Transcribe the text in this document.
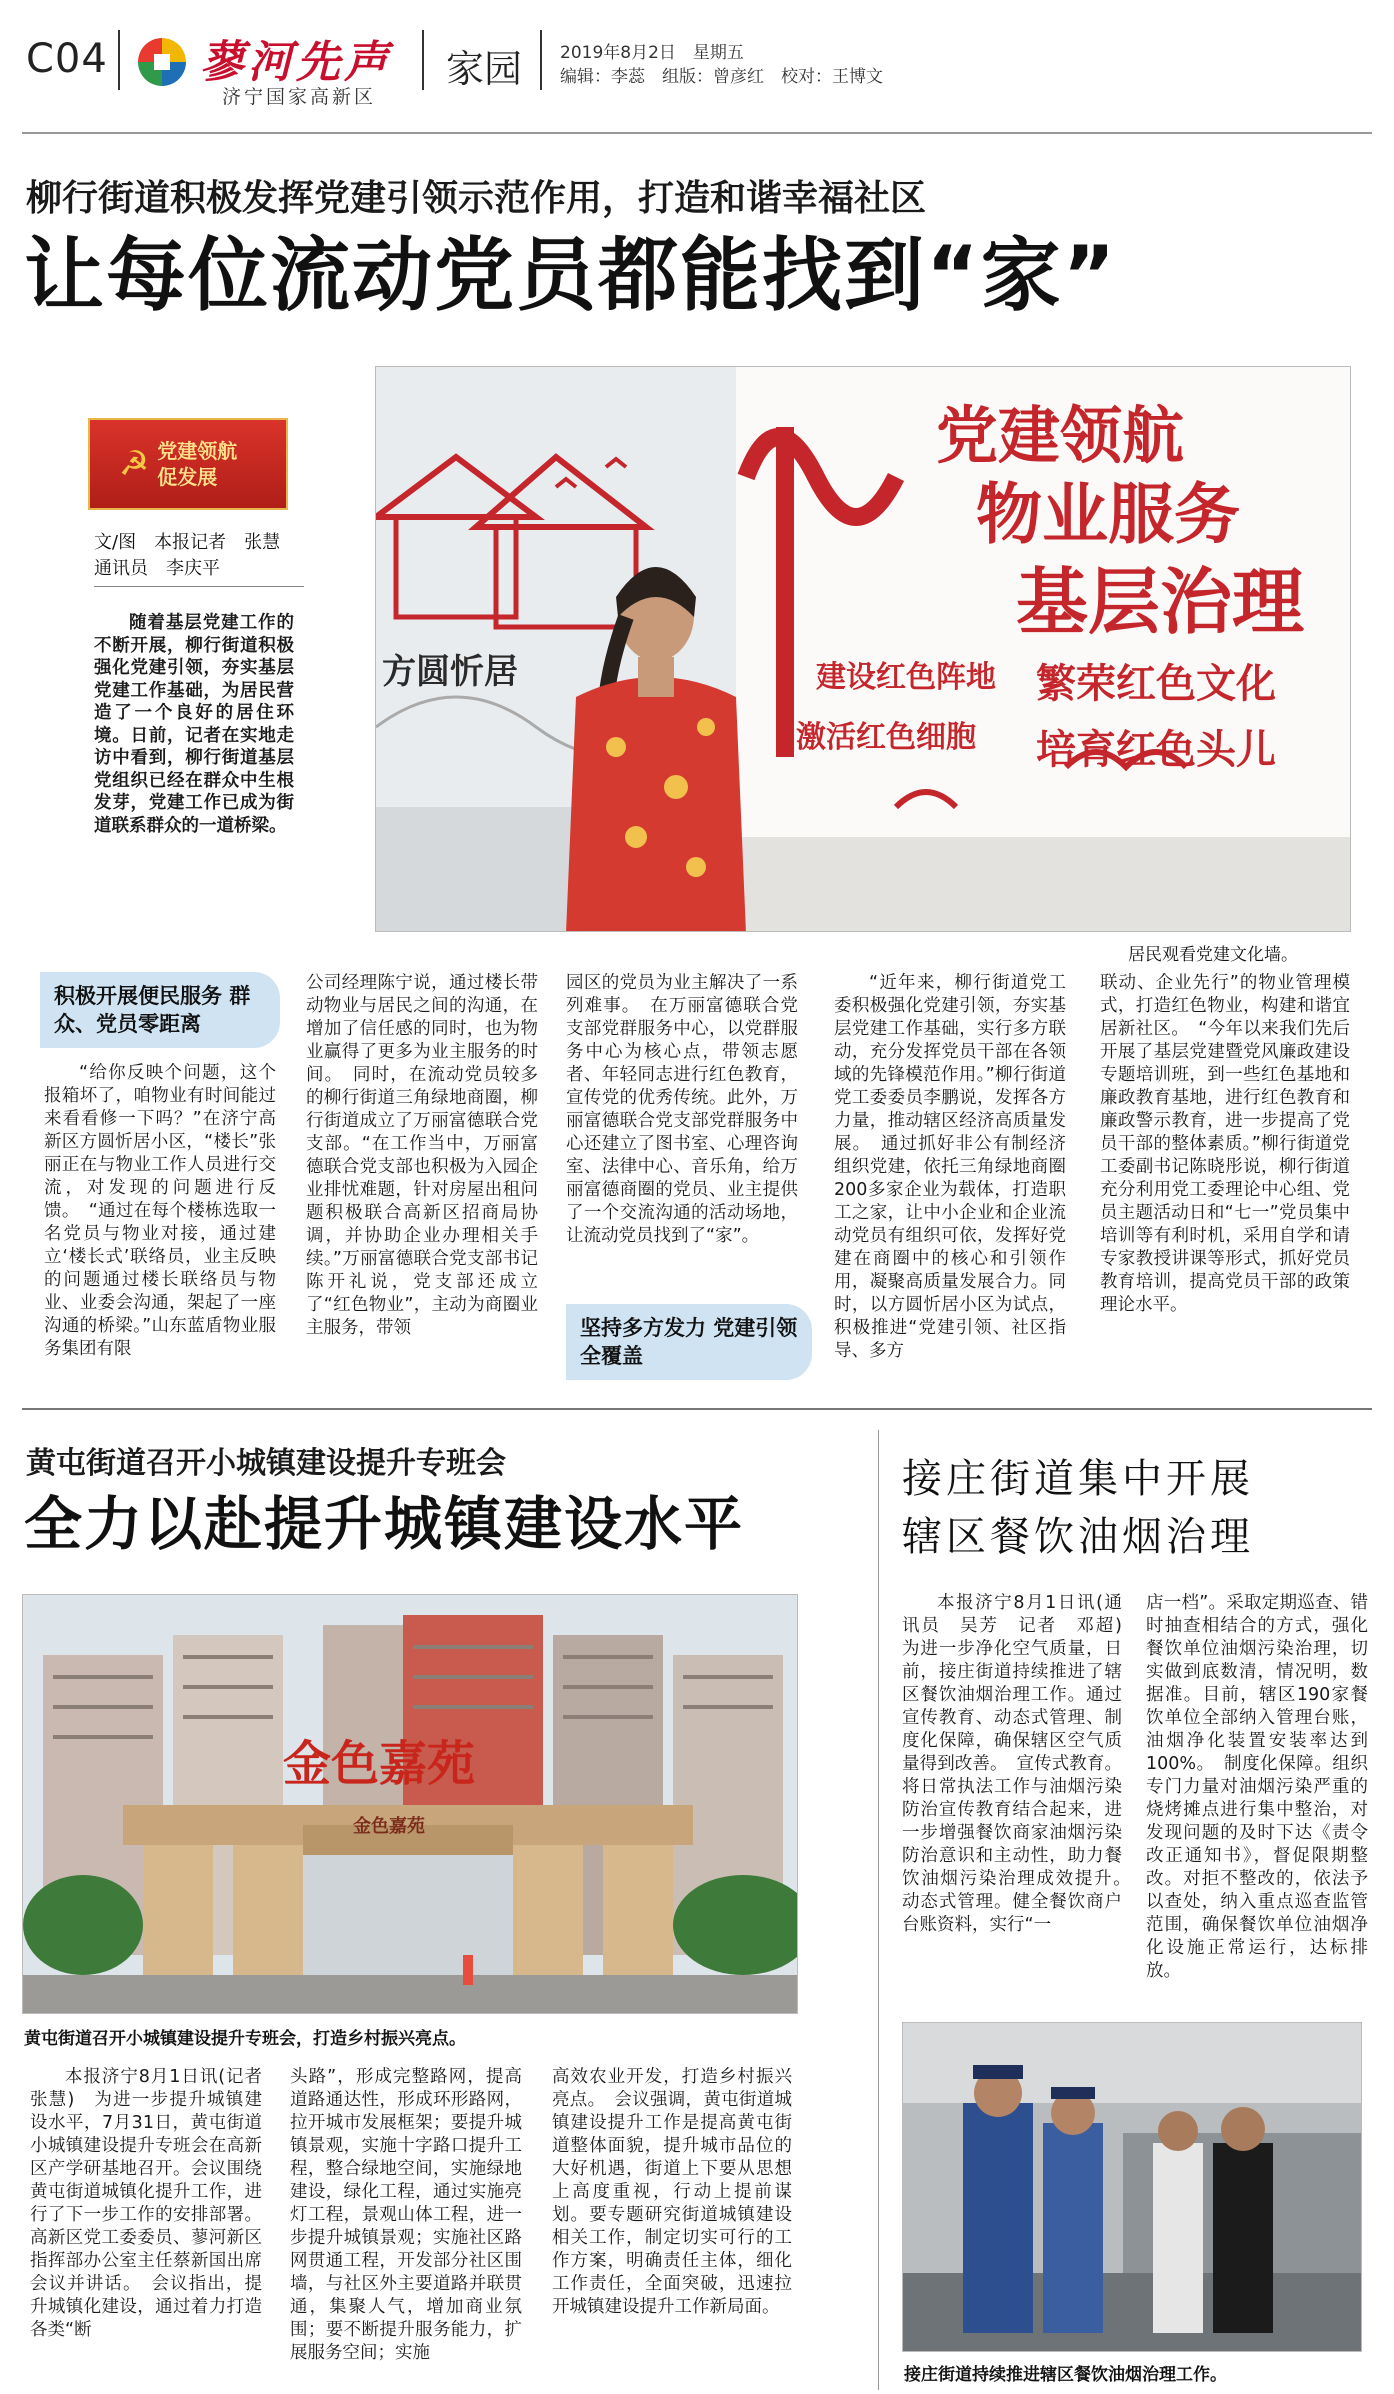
C04 蓼河先声
济宁国家高新区
家园 2019年8月2日　星期五
编辑：李蕊　组版：曾彦红　校对：王博文
柳行街道积极发挥党建引领示范作用，打造和谐幸福社区
让每位流动党员都能找到“家”
☭ 党建领航 促发展
文/图　本报记者　张慧
通讯员　李庆平

随着基层党建工作的不断开展，柳行街道积极强化党建引领，夯实基层党建工作基础，为居民营造了一个良好的居住环境。日前，记者在实地走访中看到，柳行街道基层党组织已经在群众中生根发芽，党建工作已成为街道联系群众的一道桥梁。

方圆忻居
党建领航
物业服务
基层治理
建设红色阵地 繁荣红色文化
激活红色细胞 培育红色头儿
居民观看党建文化墙。
积极开展便民服务 群众、党员零距离

“给你反映个问题，这个报箱坏了，咱物业有时间能过来看看修一下吗？”在济宁高新区方圆忻居小区，“楼长”张丽正在与物业工作人员进行交流，对发现的问题进行反馈。　“通过在每个楼栋选取一名党员与物业对接，通过建立‘楼长式’联络员，业主反映的问题通过楼长联络员与物业、业委会沟通，架起了一座沟通的桥梁。”山东蓝盾物业服务集团有限

公司经理陈宁说，通过楼长带动物业与居民之间的沟通，在增加了信任感的同时，也为物业赢得了更多为业主服务的时间。　同时，在流动党员较多的柳行街道三角绿地商圈，柳行街道成立了万丽富德联合党支部。“在工作当中，万丽富德联合党支部也积极为入园企业排忧难题，针对房屋出租问题积极联合高新区招商局协调，并协助企业办理相关手续。”万丽富德联合党支部书记陈开礼说，党支部还成立了“红色物业”，主动为商圈业主服务，带领

园区的党员为业主解决了一系列难事。　在万丽富德联合党支部党群服务中心，以党群服务中心为核心点，带领志愿者、年轻同志进行红色教育，宣传党的优秀传统。此外，万丽富德联合党支部党群服务中心还建立了图书室、心理咨询室、法律中心、音乐角，给万丽富德商圈的党员、业主提供了一个交流沟通的活动场地，让流动党员找到了“家”。

坚持多方发力 党建引领全覆盖

“近年来，柳行街道党工委积极强化党建引领，夯实基层党建工作基础，实行多方联动，充分发挥党员干部在各领域的先锋模范作用。”柳行街道党工委委员李鹏说，发挥各方力量，推动辖区经济高质量发展。　通过抓好非公有制经济组织党建，依托三角绿地商圈200多家企业为载体，打造职工之家，让中小企业和企业流动党员有组织可依，发挥好党建在商圈中的核心和引领作用，凝聚高质量发展合力。同时，以方圆忻居小区为试点，积极推进“党建引领、社区指导、多方

联动、企业先行”的物业管理模式，打造红色物业，构建和谐宜居新社区。　“今年以来我们先后开展了基层党建暨党风廉政建设专题培训班，到一些红色基地和廉政教育基地，进行红色教育和廉政警示教育，进一步提高了党员干部的整体素质。”柳行街道党工委副书记陈晓彤说，柳行街道充分利用党工委理论中心组、党员主题活动日和“七一”党员集中培训等有利时机，采用自学和请专家教授讲课等形式，抓好党员教育培训，提高党员干部的政策理论水平。

黄屯街道召开小城镇建设提升专班会
全力以赴提升城镇建设水平
金色嘉苑
金色嘉苑
黄屯街道召开小城镇建设提升专班会，打造乡村振兴亮点。

本报济宁8月1日讯(记者　张慧)　为进一步提升城镇建设水平，7月31日，黄屯街道小城镇建设提升专班会在高新区产学研基地召开。会议围绕黄屯街道城镇化提升工作，进行了下一步工作的安排部署。高新区党工委委员、蓼河新区指挥部办公室主任蔡新国出席会议并讲话。　会议指出，提升城镇化建设，通过着力打造各类“断

头路”，形成完整路网，提高道路通达性，形成环形路网，拉开城市发展框架；要提升城镇景观，实施十字路口提升工程，整合绿地空间，实施绿地建设，绿化工程，通过实施亮灯工程，景观山体工程，进一步提升城镇景观；实施社区路网贯通工程，开发部分社区围墙，与社区外主要道路并联贯通，集聚人气，增加商业氛围；要不断提升服务能力，扩展服务空间；实施

高效农业开发，打造乡村振兴亮点。　会议强调，黄屯街道城镇建设提升工作是提高黄屯街道整体面貌，提升城市品位的大好机遇，街道上下要从思想上高度重视，行动上提前谋划。要专题研究街道城镇建设相关工作，制定切实可行的工作方案，明确责任主体，细化工作责任，全面突破，迅速拉开城镇建设提升工作新局面。

接庄街道集中开展
辖区餐饮油烟治理

本报济宁8月1日讯(通讯员　吴芳　记者　邓超)　为进一步净化空气质量，日前，接庄街道持续推进了辖区餐饮油烟治理工作。通过宣传教育、动态式管理、制度化保障，确保辖区空气质量得到改善。　宣传式教育。将日常执法工作与油烟污染防治宣传教育结合起来，进一步增强餐饮商家油烟污染防治意识和主动性，助力餐饮油烟污染治理成效提升。　动态式管理。健全餐饮商户台账资料，实行“一

店一档”。采取定期巡查、错时抽查相结合的方式，强化餐饮单位油烟污染治理，切实做到底数清，情况明，数据准。目前，辖区190家餐饮单位全部纳入管理台账，油烟净化装置安装率达到100%。　制度化保障。组织专门力量对油烟污染严重的烧烤摊点进行集中整治，对发现问题的及时下达《责令改正通知书》，督促限期整改。对拒不整改的，依法予以查处，纳入重点巡查监管范围，确保餐饮单位油烟净化设施正常运行，达标排放。

接庄街道持续推进辖区餐饮油烟治理工作。
